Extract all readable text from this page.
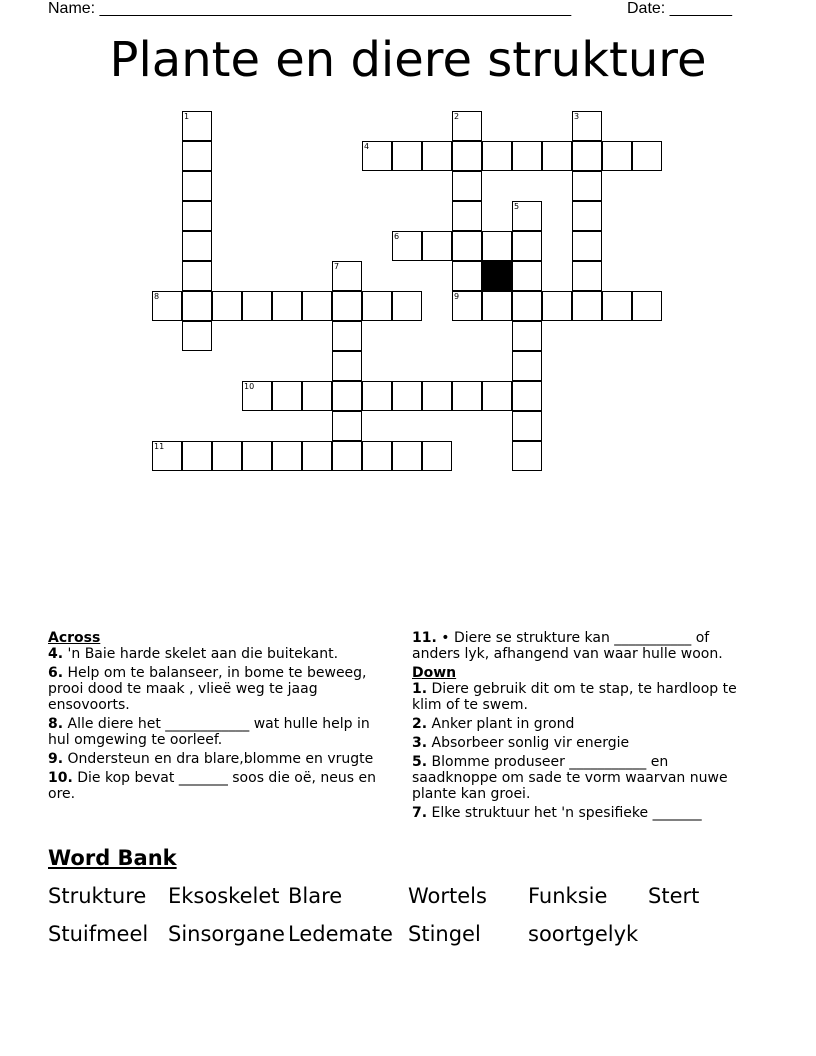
Name: _____________________________________________________	Date: _______
Plante en diere strukture
1	2	3
4
5
6
7
8	9
10
11
Across
4. 'n Baie harde skelet aan die buitekant.
6. Help om te balanseer, in bome te beweeg, prooi dood te maak , vlieë weg te jaag ensovoorts.
8. Alle diere het ____________ wat hulle help in hul omgewing te oorleef.
9. Ondersteun en dra blare,blomme en vrugte
10. Die kop bevat _______ soos die oë, neus en ore.
11. • Diere se strukture kan ___________ of anders lyk, afhangend van waar hulle woon.
Down
1. Diere gebruik dit om te stap, te hardloop te klim of te swem.
2. Anker plant in grond
3. Absorbeer sonlig vir energie
5. Blomme produseer ___________ en saadknoppe om sade te vorm waarvan nuwe plante kan groei.
7. Elke struktuur het 'n spesifieke _______
Word Bank
Strukture Eksoskelet Blare	Wortels Funksie Stert
Stuifmeel Sinsorgane Ledemate Stingel soortgelyk
